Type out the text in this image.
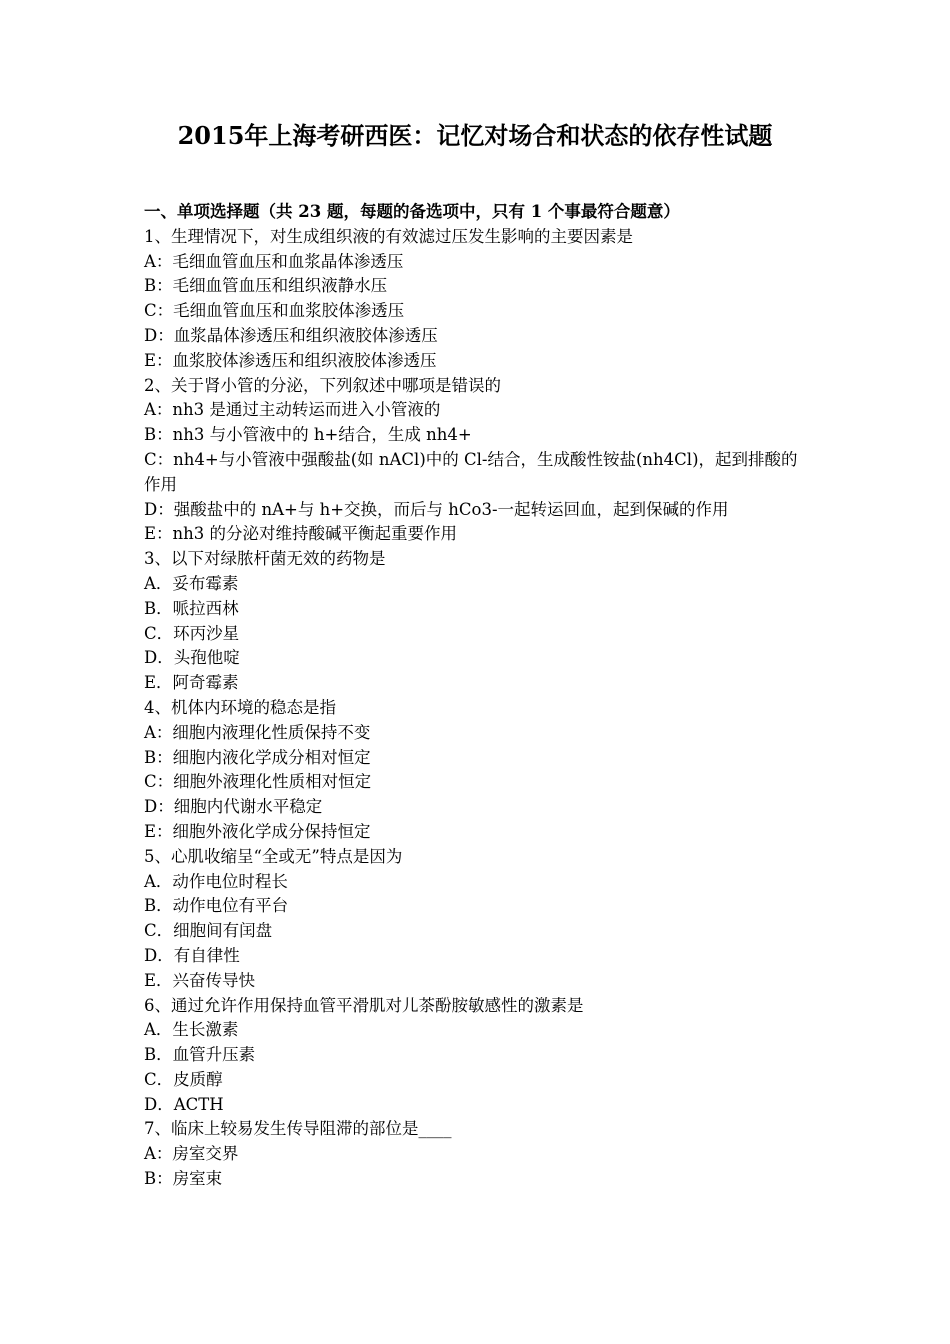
2015年上海考研西医：记忆对场合和状态的依存性试题

一、单项选择题（共 23 题，每题的备选项中，只有 1 个事最符合题意）

1、生理情况下，对生成组织液的有效滤过压发生影响的主要因素是

A：毛细血管血压和血浆晶体渗透压

B：毛细血管血压和组织液静水压

C：毛细血管血压和血浆胶体渗透压

D：血浆晶体渗透压和组织液胶体渗透压

E：血浆胶体渗透压和组织液胶体渗透压

2、关于肾小管的分泌，下列叙述中哪项是错误的

A：nh3 是通过主动转运而进入小管液的

B：nh3 与小管液中的 h+结合，生成 nh4+

C：nh4+与小管液中强酸盐(如 nACl)中的 Cl-结合，生成酸性铵盐(nh4Cl)，起到排酸的作用

D：强酸盐中的 nA+与 h+交换，而后与 hCo3-一起转运回血，起到保碱的作用

E：nh3 的分泌对维持酸碱平衡起重要作用

3、以下对绿脓杆菌无效的药物是

A．妥布霉素

B．哌拉西林

C．环丙沙星

D．头孢他啶

E．阿奇霉素

4、机体内环境的稳态是指

A：细胞内液理化性质保持不变

B：细胞内液化学成分相对恒定

C：细胞外液理化性质相对恒定

D：细胞内代谢水平稳定

E：细胞外液化学成分保持恒定

5、心肌收缩呈“全或无”特点是因为

A．动作电位时程长

B．动作电位有平台

C．细胞间有闰盘

D．有自律性

E．兴奋传导快

6、通过允许作用保持血管平滑肌对儿茶酚胺敏感性的激素是

A．生长激素

B．血管升压素

C．皮质醇

D．ACTH

7、临床上较易发生传导阻滞的部位是____

A：房室交界

B：房室束
